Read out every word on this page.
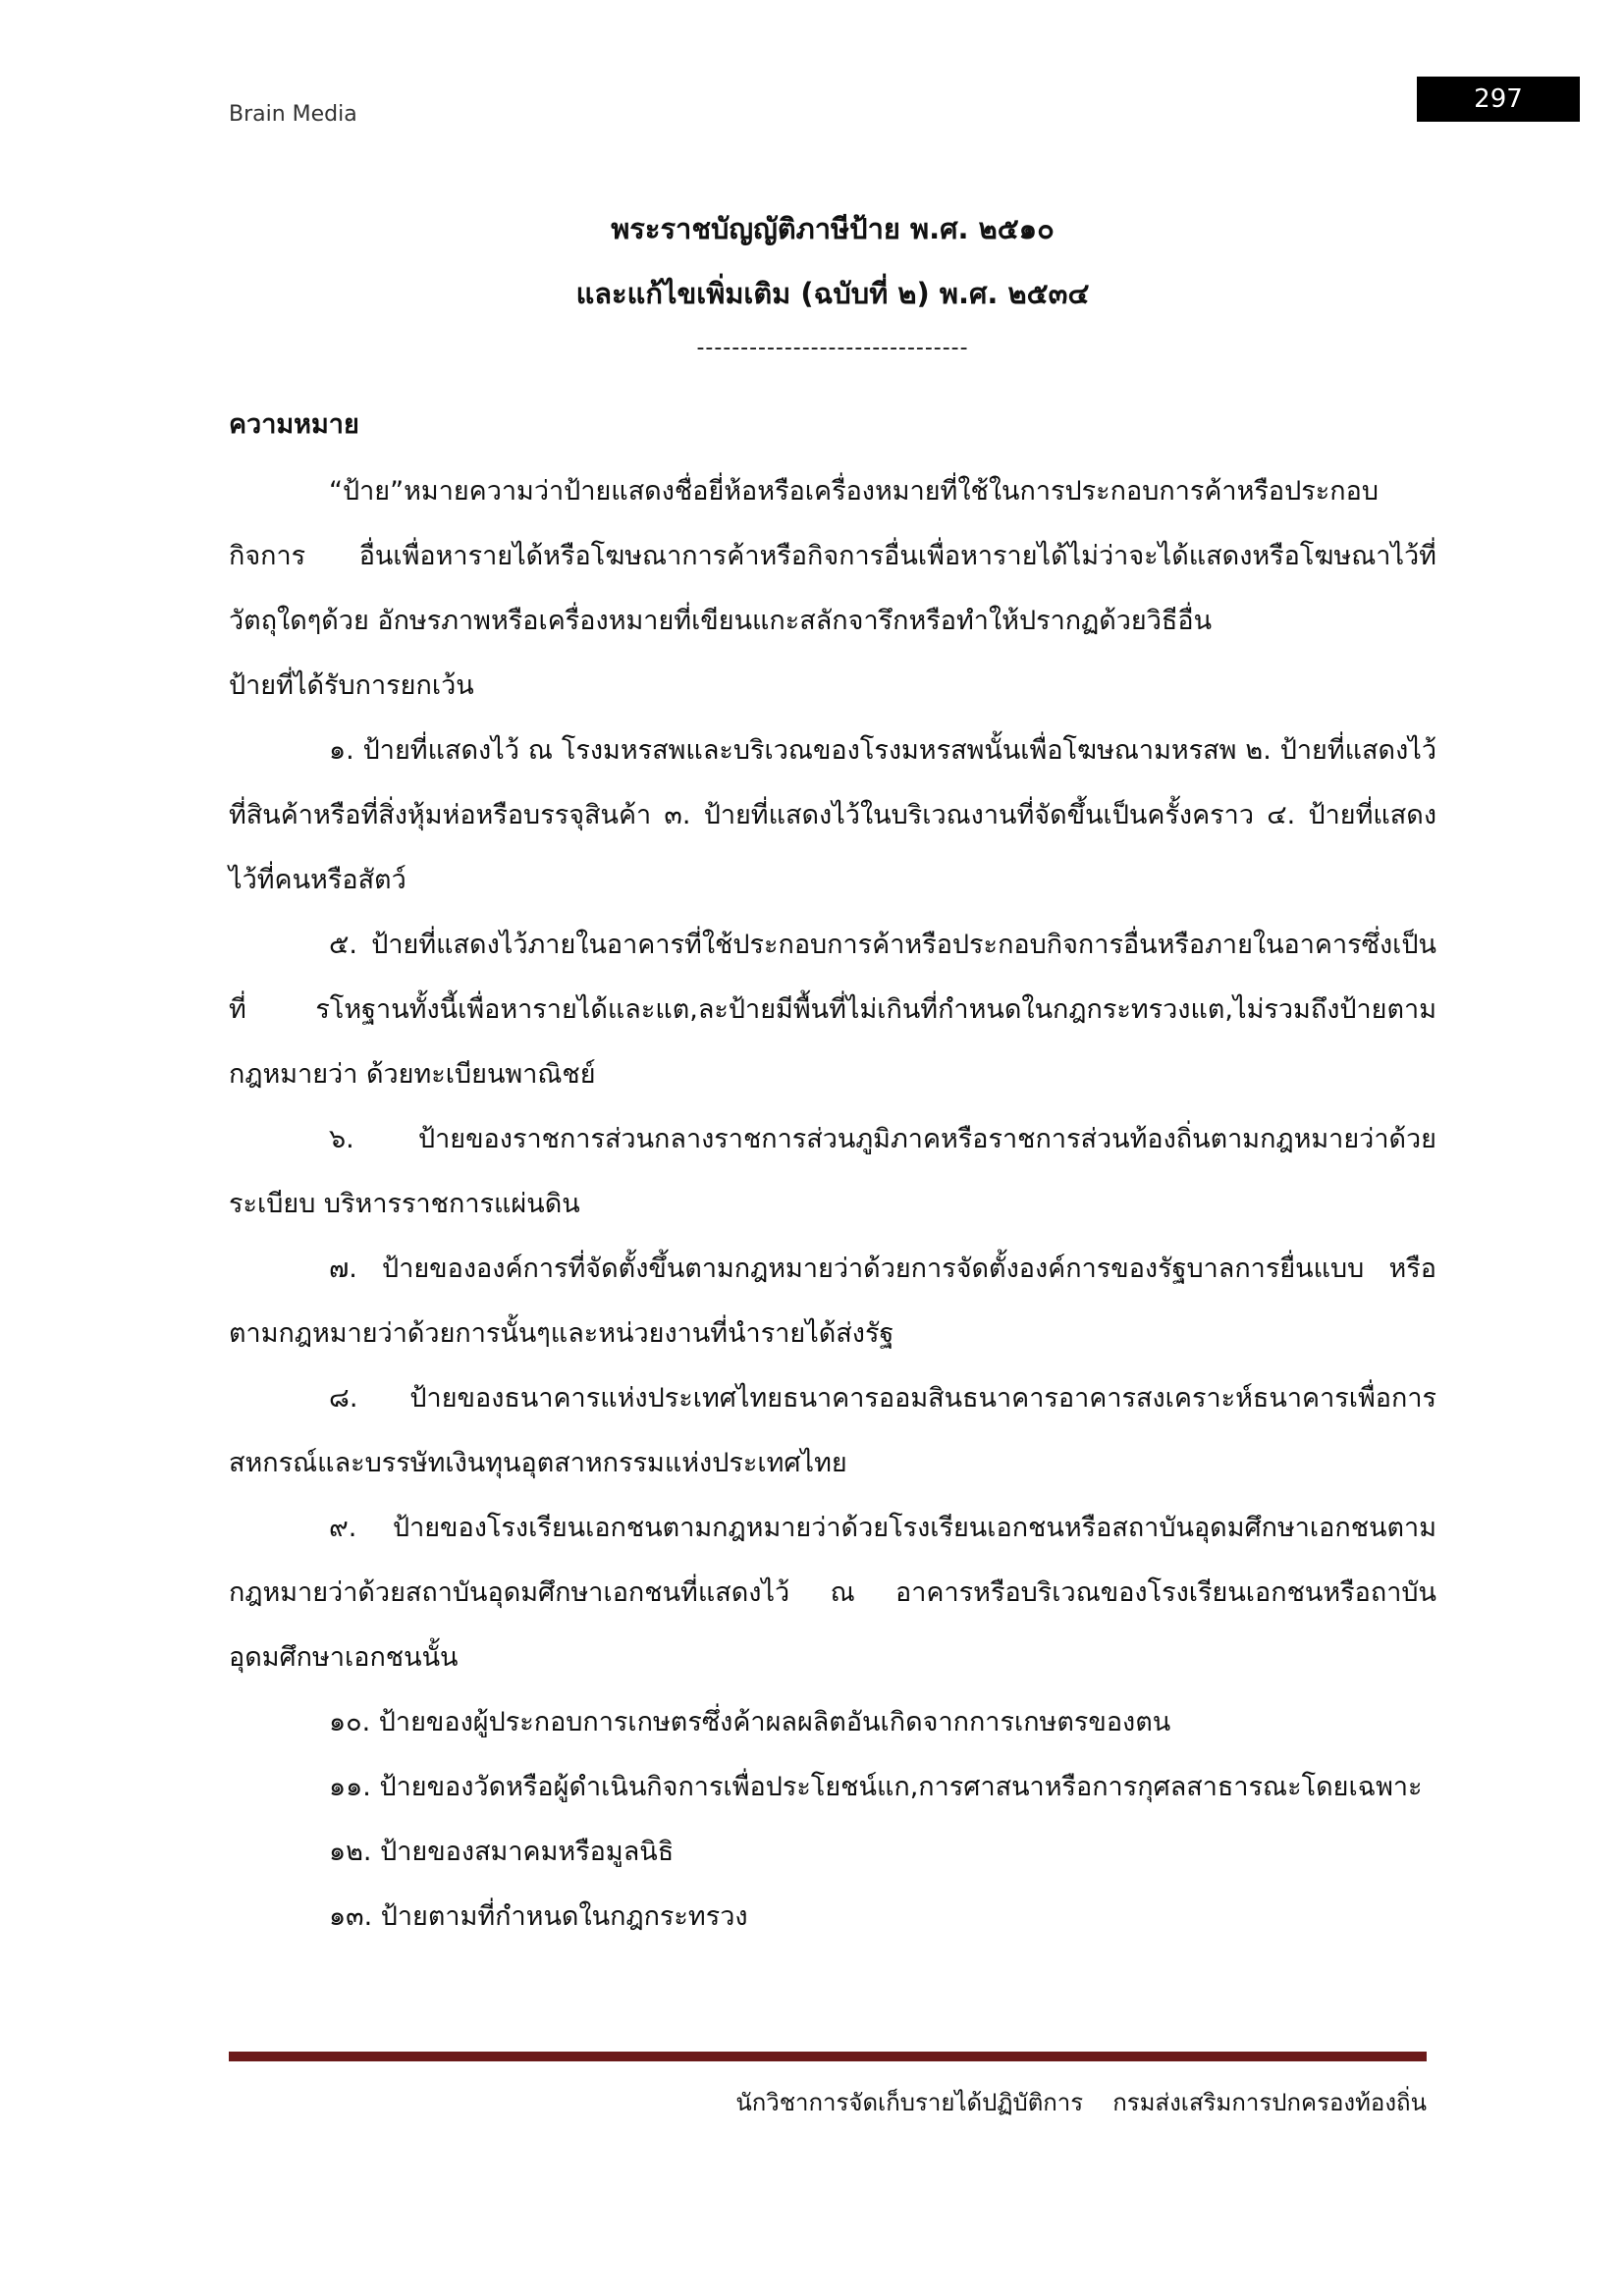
Brain Media
297
พระราชบัญญัติภาษีป้าย พ.ศ. ๒๕๑๐
และแก้ไขเพิ่มเติม (ฉบับที่ ๒) พ.ศ. ๒๕๓๔
-------------------------------
ความหมาย

“ป้าย”หมายความว่าป้ายแสดงชื่อยี่ห้อหรือเครื่องหมายที่ใช้ในการประกอบการค้าหรือประกอบกิจการ อื่นเพื่อหารายได้หรือโฆษณาการค้าหรือกิจการอื่นเพื่อหารายได้ไม่ว่าจะได้แสดงหรือโฆษณาไว้ที่วัตถุใดๆด้วย อักษรภาพหรือเครื่องหมายที่เขียนแกะสลักจารึกหรือทำให้ปรากฏด้วยวิธีอื่น

ป้ายที่ได้รับการยกเว้น

๑. ป้ายที่แสดงไว้ ณ โรงมหรสพและบริเวณของโรงมหรสพนั้นเพื่อโฆษณามหรสพ ๒. ป้ายที่แสดงไว้ที่สินค้าหรือที่สิ่งหุ้มห่อหรือบรรจุสินค้า ๓. ป้ายที่แสดงไว้ในบริเวณงานที่จัดขึ้นเป็นครั้งคราว ๔. ป้ายที่แสดงไว้ที่คนหรือสัตว์

๕. ป้ายที่แสดงไว้ภายในอาคารที่ใช้ประกอบการค้าหรือประกอบกิจการอื่นหรือภายในอาคารซึ่งเป็นที่ รโหฐานทั้งนี้เพื่อหารายได้และแต,ละป้ายมีพื้นที่ไม่เกินที่กำหนดในกฎกระทรวงแต,ไม่รวมถึงป้ายตามกฎหมายว่า ด้วยทะเบียนพาณิชย์

๖. ป้ายของราชการส่วนกลางราชการส่วนภูมิภาคหรือราชการส่วนท้องถิ่นตามกฎหมายว่าด้วยระเบียบ บริหารราชการแผ่นดิน

๗. ป้ายขององค์การที่จัดตั้งขึ้นตามกฎหมายว่าด้วยการจัดตั้งองค์การของรัฐบาลการยื่นแบบ หรือตามกฎหมายว่าด้วยการนั้นๆและหน่วยงานที่นำรายได้ส่งรัฐ

๘. ป้ายของธนาคารแห่งประเทศไทยธนาคารออมสินธนาคารอาคารสงเคราะห์ธนาคารเพื่อการสหกรณ์และบรรษัทเงินทุนอุตสาหกรรมแห่งประเทศไทย

๙. ป้ายของโรงเรียนเอกชนตามกฎหมายว่าด้วยโรงเรียนเอกชนหรือสถาบันอุดมศึกษาเอกชนตามกฎหมายว่าด้วยสถาบันอุดมศึกษาเอกชนที่แสดงไว้ ณ อาคารหรือบริเวณของโรงเรียนเอกชนหรือถาบันอุดมศึกษาเอกชนนั้น

๑๐. ป้ายของผู้ประกอบการเกษตรซึ่งค้าผลผลิตอันเกิดจากการเกษตรของตน

๑๑. ป้ายของวัดหรือผู้ดำเนินกิจการเพื่อประโยชน์แก,การศาสนาหรือการกุศลสาธารณะโดยเฉพาะ

๑๒. ป้ายของสมาคมหรือมูลนิธิ

๑๓. ป้ายตามที่กำหนดในกฎกระทรวง

นักวิชาการจัดเก็บรายได้ปฏิบัติการ กรมส่งเสริมการปกครองท้องถิ่น
